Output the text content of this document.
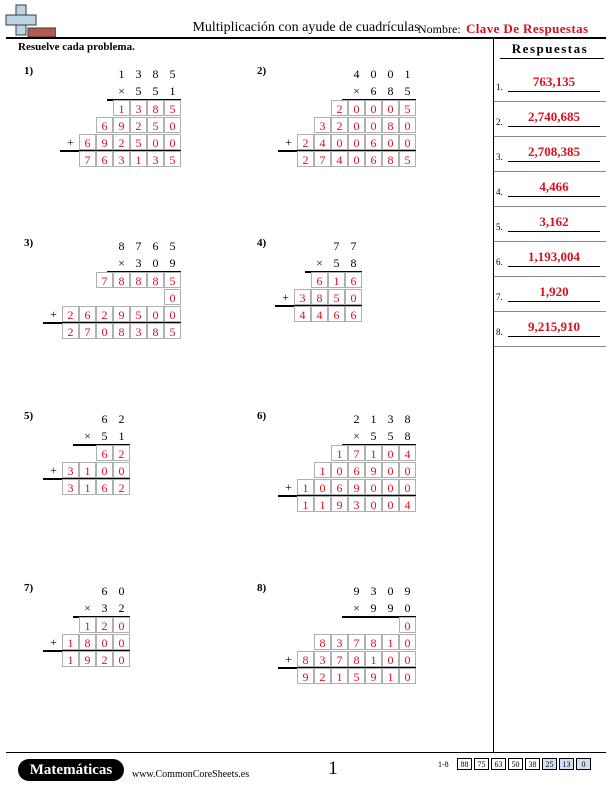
Multiplicación con ayude de cuadrículas
Nombre: Clave De Respuestas
Resuelve cada problema.	Respuestas
1.	763,135
2.	2,740,685
3.	2,708,385
4.	4,466
5.	3,162
6.	1,193,004
7.	1,920
8.	9,215,910
1)	1 3 8 5
× 5 5 1
1 3 8 5
6 9 2 5 0
+ 6 9 2 5 0 0
7 6 3 1 3 5
2)	4 0 0 1
× 6 8 5
2 0 0 0 5
3 2 0 0 8 0
+ 2 4 0 0 6 0 0
2 7 4 0 6 8 5
3)	8 7 6 5
× 3 0 9
7 8 8 8 5
0
+ 2 6 2 9 5 0 0
2 7 0 8 3 8 5
4)	7 7
× 5 8
6 1 6
+ 3 8 5 0
4 4 6 6
5)	6 2
× 5 1
6 2
+ 3 1 0 0
3 1 6 2
6)	2 1 3 8
× 5 5 8
1 7 1 0 4
1 0 6 9 0 0
+ 1 0 6 9 0 0 0
1 1 9 3 0 0 4
7)	6 0
× 3 2
1 2 0
+ 1 8 0 0
1 9 2 0
8)	9 3 0 9
× 9 9 0
0
8 3 7 8 1 0
+ 8 3 7 8 1 0 0
9 2 1 5 9 1 0
Matemáticas	www.CommonCoreSheets.es	1	1-8	88	75	63	50	38	25	13	0
